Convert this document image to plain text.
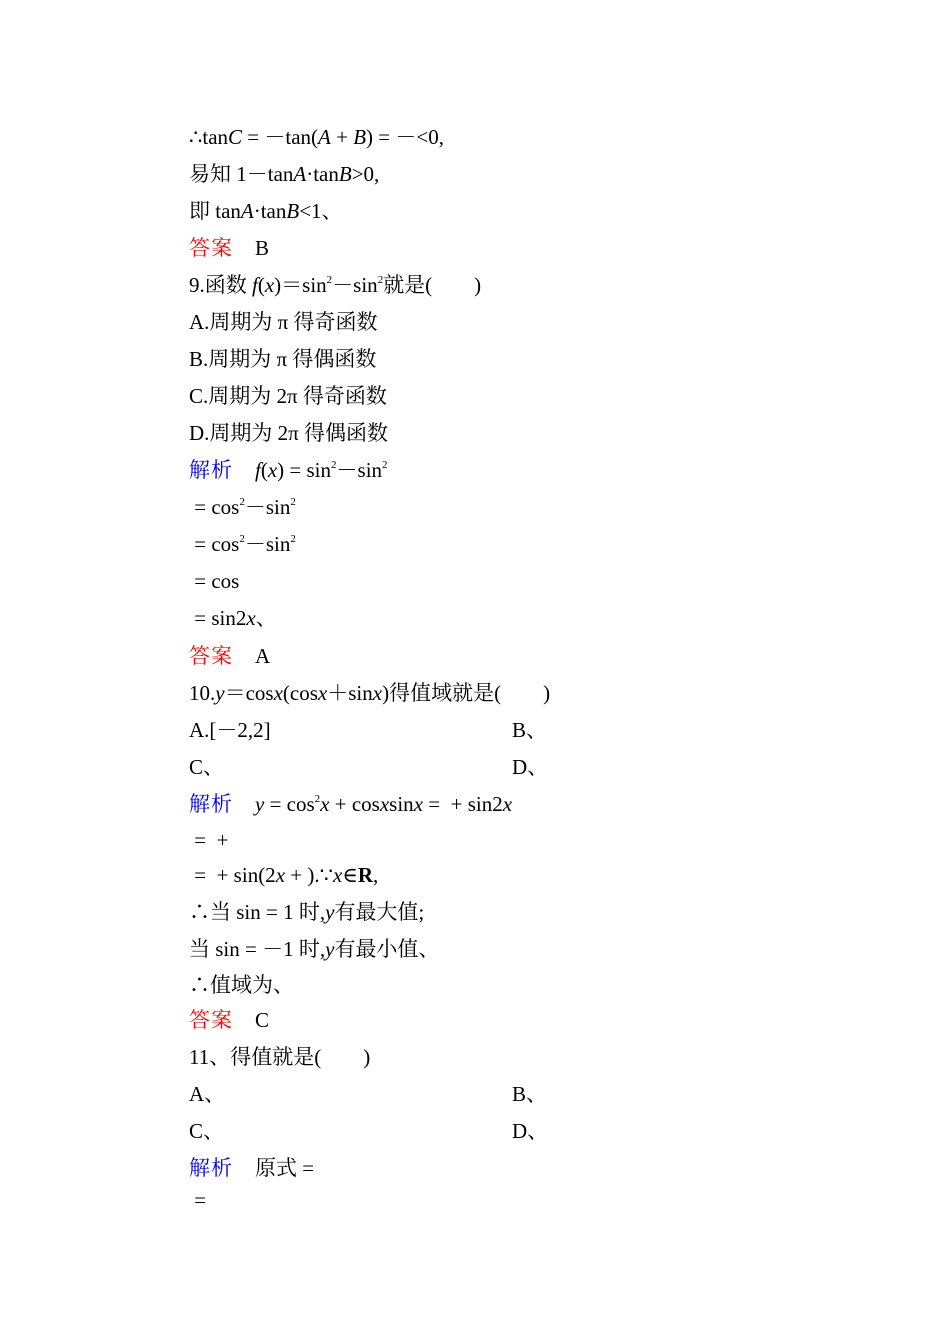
∴tanC = －tan(A + B) = －<0,
易知 1－tanA·tanB>0,
即 tanA·tanB<1、
答案 B
9.函数 $f(x)=\sin^2-\sin^2$就是(　　)
A.周期为 π 得奇函数
B.周期为 π 得偶函数
C.周期为 2π 得奇函数
D.周期为 2π 得偶函数
解析 $f(x) = \sin^2-\sin^2$
= $\cos^2-\sin^2$
= $\cos^2-\sin^2$
= cos
= sin2x、
答案 A
10.y＝cosx(cosx＋sinx)得值域就是(　　)
A.[－2,2]	B、
C、	D、
解析 $y = \cos^2x$ + cosxsinx =  + sin2x
=  +
=  + sin(2x + ).∵x∈R,
∴当 sin = 1 时,y有最大值;
当 sin = －1 时,y有最小值、
∴值域为、
答案 C
11、得值就是(　　)
A、	B、
C、	D、
解析 原式 =
=
